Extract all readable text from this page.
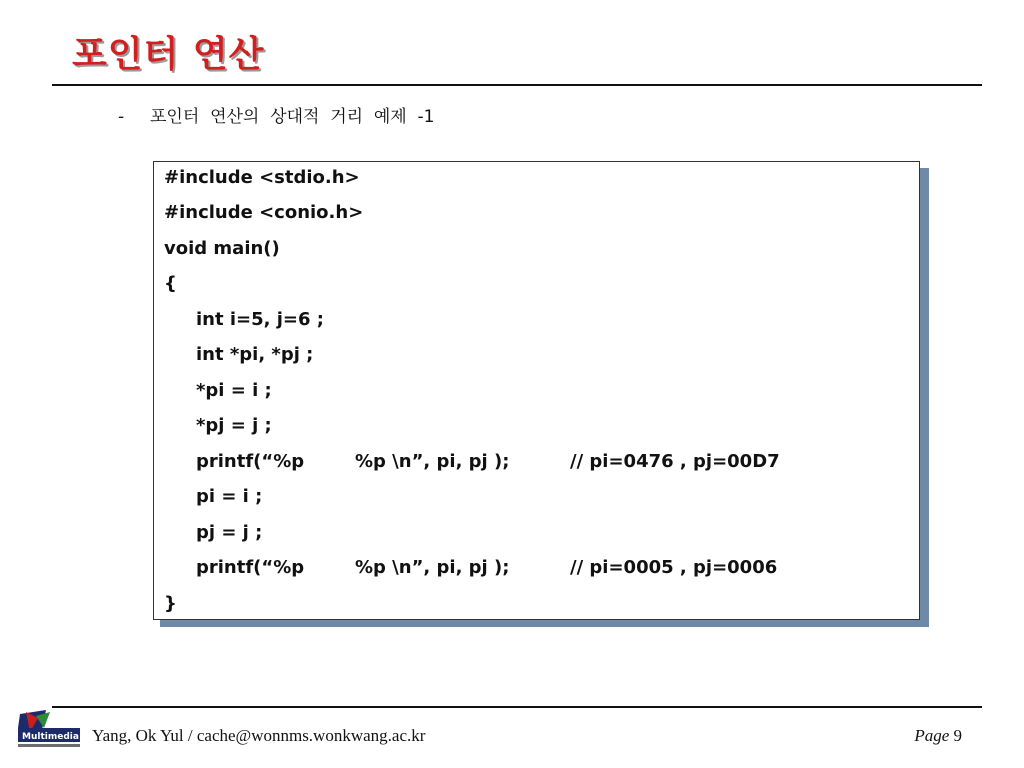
포인터 연산
- 포인터  연산의  상대적  거리  예제  -1
#include <stdio.h>
#include <conio.h>
void main()
{
int i=5, j=6 ;
int *pi, *pj ;
*pi = i ;
*pj = j ;

printf(“%p

	%p \n”, pi, pj );

	// pi=0476 , pj=00D7

pi = i ;
pj = j ;

printf(“%p

	%p \n”, pi, pj );

	// pi=0005 , pj=0006

}
Multimedia Yang, Ok Yul / cache@wonnms.wonkwang.ac.kr	Page 9
